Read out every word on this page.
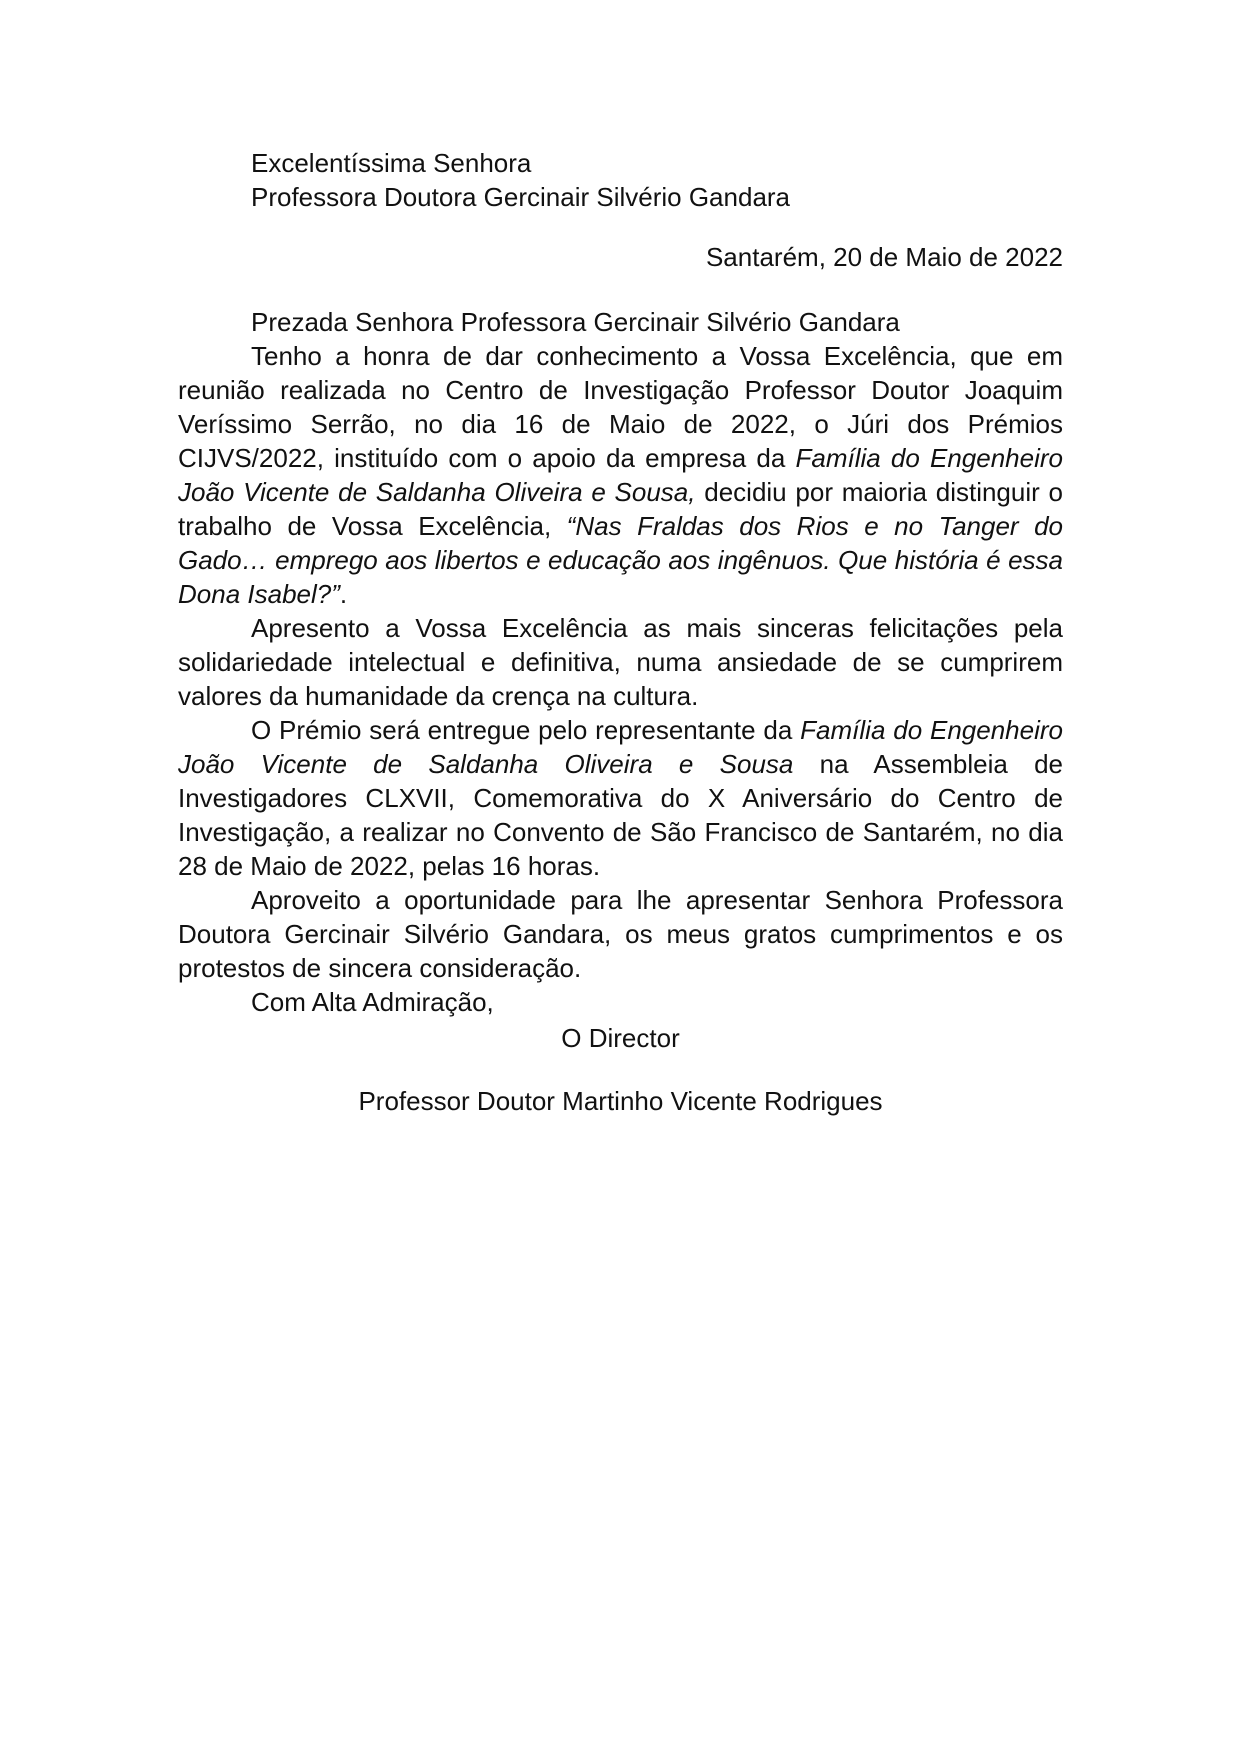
Excelentíssima Senhora
Professora Doutora Gercinair Silvério Gandara
Santarém, 20 de Maio de 2022

Prezada Senhora Professora Gercinair Silvério Gandara

Tenho a honra de dar conhecimento a Vossa Excelência, que em reunião realizada no Centro de Investigação Professor Doutor Joaquim Veríssimo Serrão, no dia 16 de Maio de 2022, o Júri dos Prémios CIJVS/2022, instituído com o apoio da empresa da Família do Engenheiro João Vicente de Saldanha Oliveira e Sousa, decidiu por maioria distinguir o trabalho de Vossa Excelência, “Nas Fraldas dos Rios e no Tanger do Gado… emprego aos libertos e educação aos ingênuos. Que história é essa Dona Isabel?”.

Apresento a Vossa Excelência as mais sinceras felicitações pela solidariedade intelectual e definitiva, numa ansiedade de se cumprirem valores da humanidade da crença na cultura.

O Prémio será entregue pelo representante da Família do Engenheiro João Vicente de Saldanha Oliveira e Sousa na Assembleia de Investigadores CLXVII, Comemorativa do X Aniversário do Centro de Investigação, a realizar no Convento de São Francisco de Santarém, no dia 28 de Maio de 2022, pelas 16 horas.

Aproveito a oportunidade para lhe apresentar Senhora Professora Doutora Gercinair Silvério Gandara, os meus gratos cumprimentos e os protestos de sincera consideração.

Com Alta Admiração,

O Director
Professor Doutor Martinho Vicente Rodrigues
